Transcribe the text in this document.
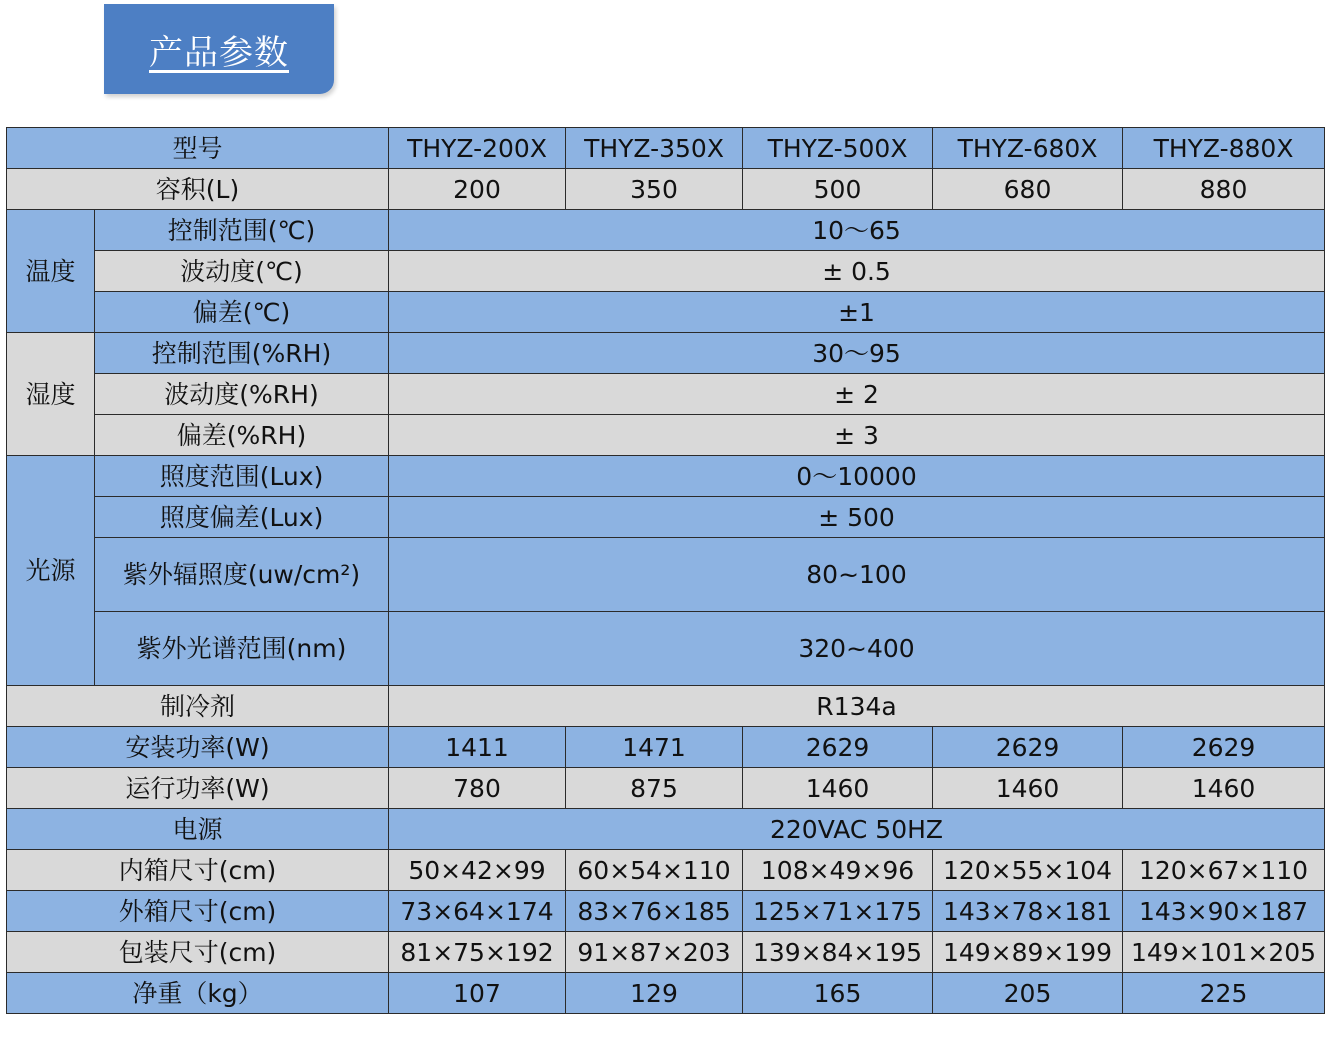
产品参数
型号		THYZ-200X	THYZ-350X	THYZ-500X	THYZ-680X	THYZ-880X
容积(L)		200	350	500	680	880
温度	控制范围(℃)	10～65				
	波动度(℃)	± 0.5				
	偏差(℃)	±1				
湿度	控制范围(%RH)	30～95				
	波动度(%RH)	± 2				
	偏差(%RH)	± 3				
光源	照度范围(Lux)	0～10000				
	照度偏差(Lux)	± 500				
	紫外辐照度(uw/cm²)	80~100				
	紫外光谱范围(nm)	320~400				
制冷剂		R134a				
安装功率(W)		1411	1471	2629	2629	2629
运行功率(W)		780	875	1460	1460	1460
电源		220VAC 50HZ				
内箱尺寸(cm)		50×42×99	60×54×110	108×49×96	120×55×104	120×67×110
外箱尺寸(cm)		73×64×174	83×76×185	125×71×175	143×78×181	143×90×187
包装尺寸(cm)		81×75×192	91×87×203	139×84×195	149×89×199	149×101×205
净重（kg）		107	129	165	205	225
